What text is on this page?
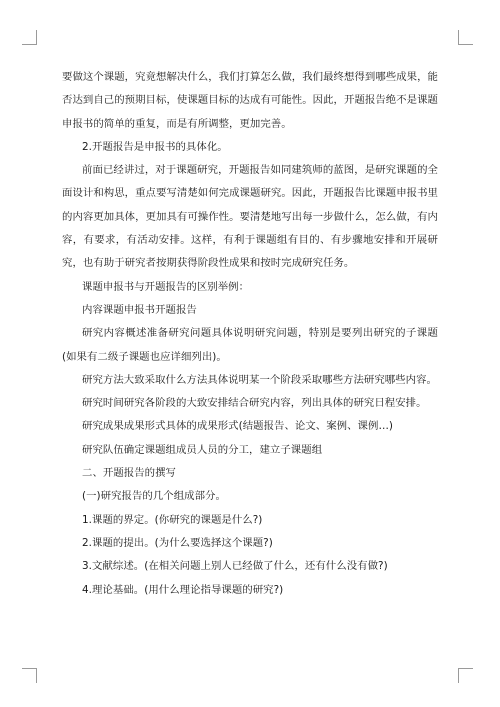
要做这个课题，究竟想解决什么，我们打算怎么做，我们最终想得到哪些成果，能否达到自己的预期目标，使课题目标的达成有可能性。因此，开题报告绝不是课题申报书的简单的重复，而是有所调整，更加完善。

2.开题报告是申报书的具体化。

前面已经讲过，对于课题研究，开题报告如同建筑师的蓝图，是研究课题的全面设计和构思，重点要写清楚如何完成课题研究。因此，开题报告比课题申报书里的内容更加具体，更加具有可操作性。要清楚地写出每一步做什么，怎么做，有内容，有要求，有活动安排。这样，有利于课题组有目的、有步骤地安排和开展研究，也有助于研究者按期获得阶段性成果和按时完成研究任务。

课题申报书与开题报告的区别举例：

内容课题申报书开题报告

研究内容概述准备研究问题具体说明研究问题，特别是要列出研究的子课题(如果有二级子课题也应详细列出)。

研究方法大致采取什么方法具体说明某一个阶段采取哪些方法研究哪些内容。

研究时间研究各阶段的大致安排结合研究内容，列出具体的研究日程安排。

研究成果成果形式具体的成果形式(结题报告、论文、案例、课例…)

研究队伍确定课题组成员人员的分工，建立子课题组

二、开题报告的撰写

(一)研究报告的几个组成部分。

1.课题的界定。(你研究的课题是什么?)

2.课题的提出。(为什么要选择这个课题?)

3.文献综述。(在相关问题上别人已经做了什么，还有什么没有做?)

4.理论基础。(用什么理论指导课题的研究?)
